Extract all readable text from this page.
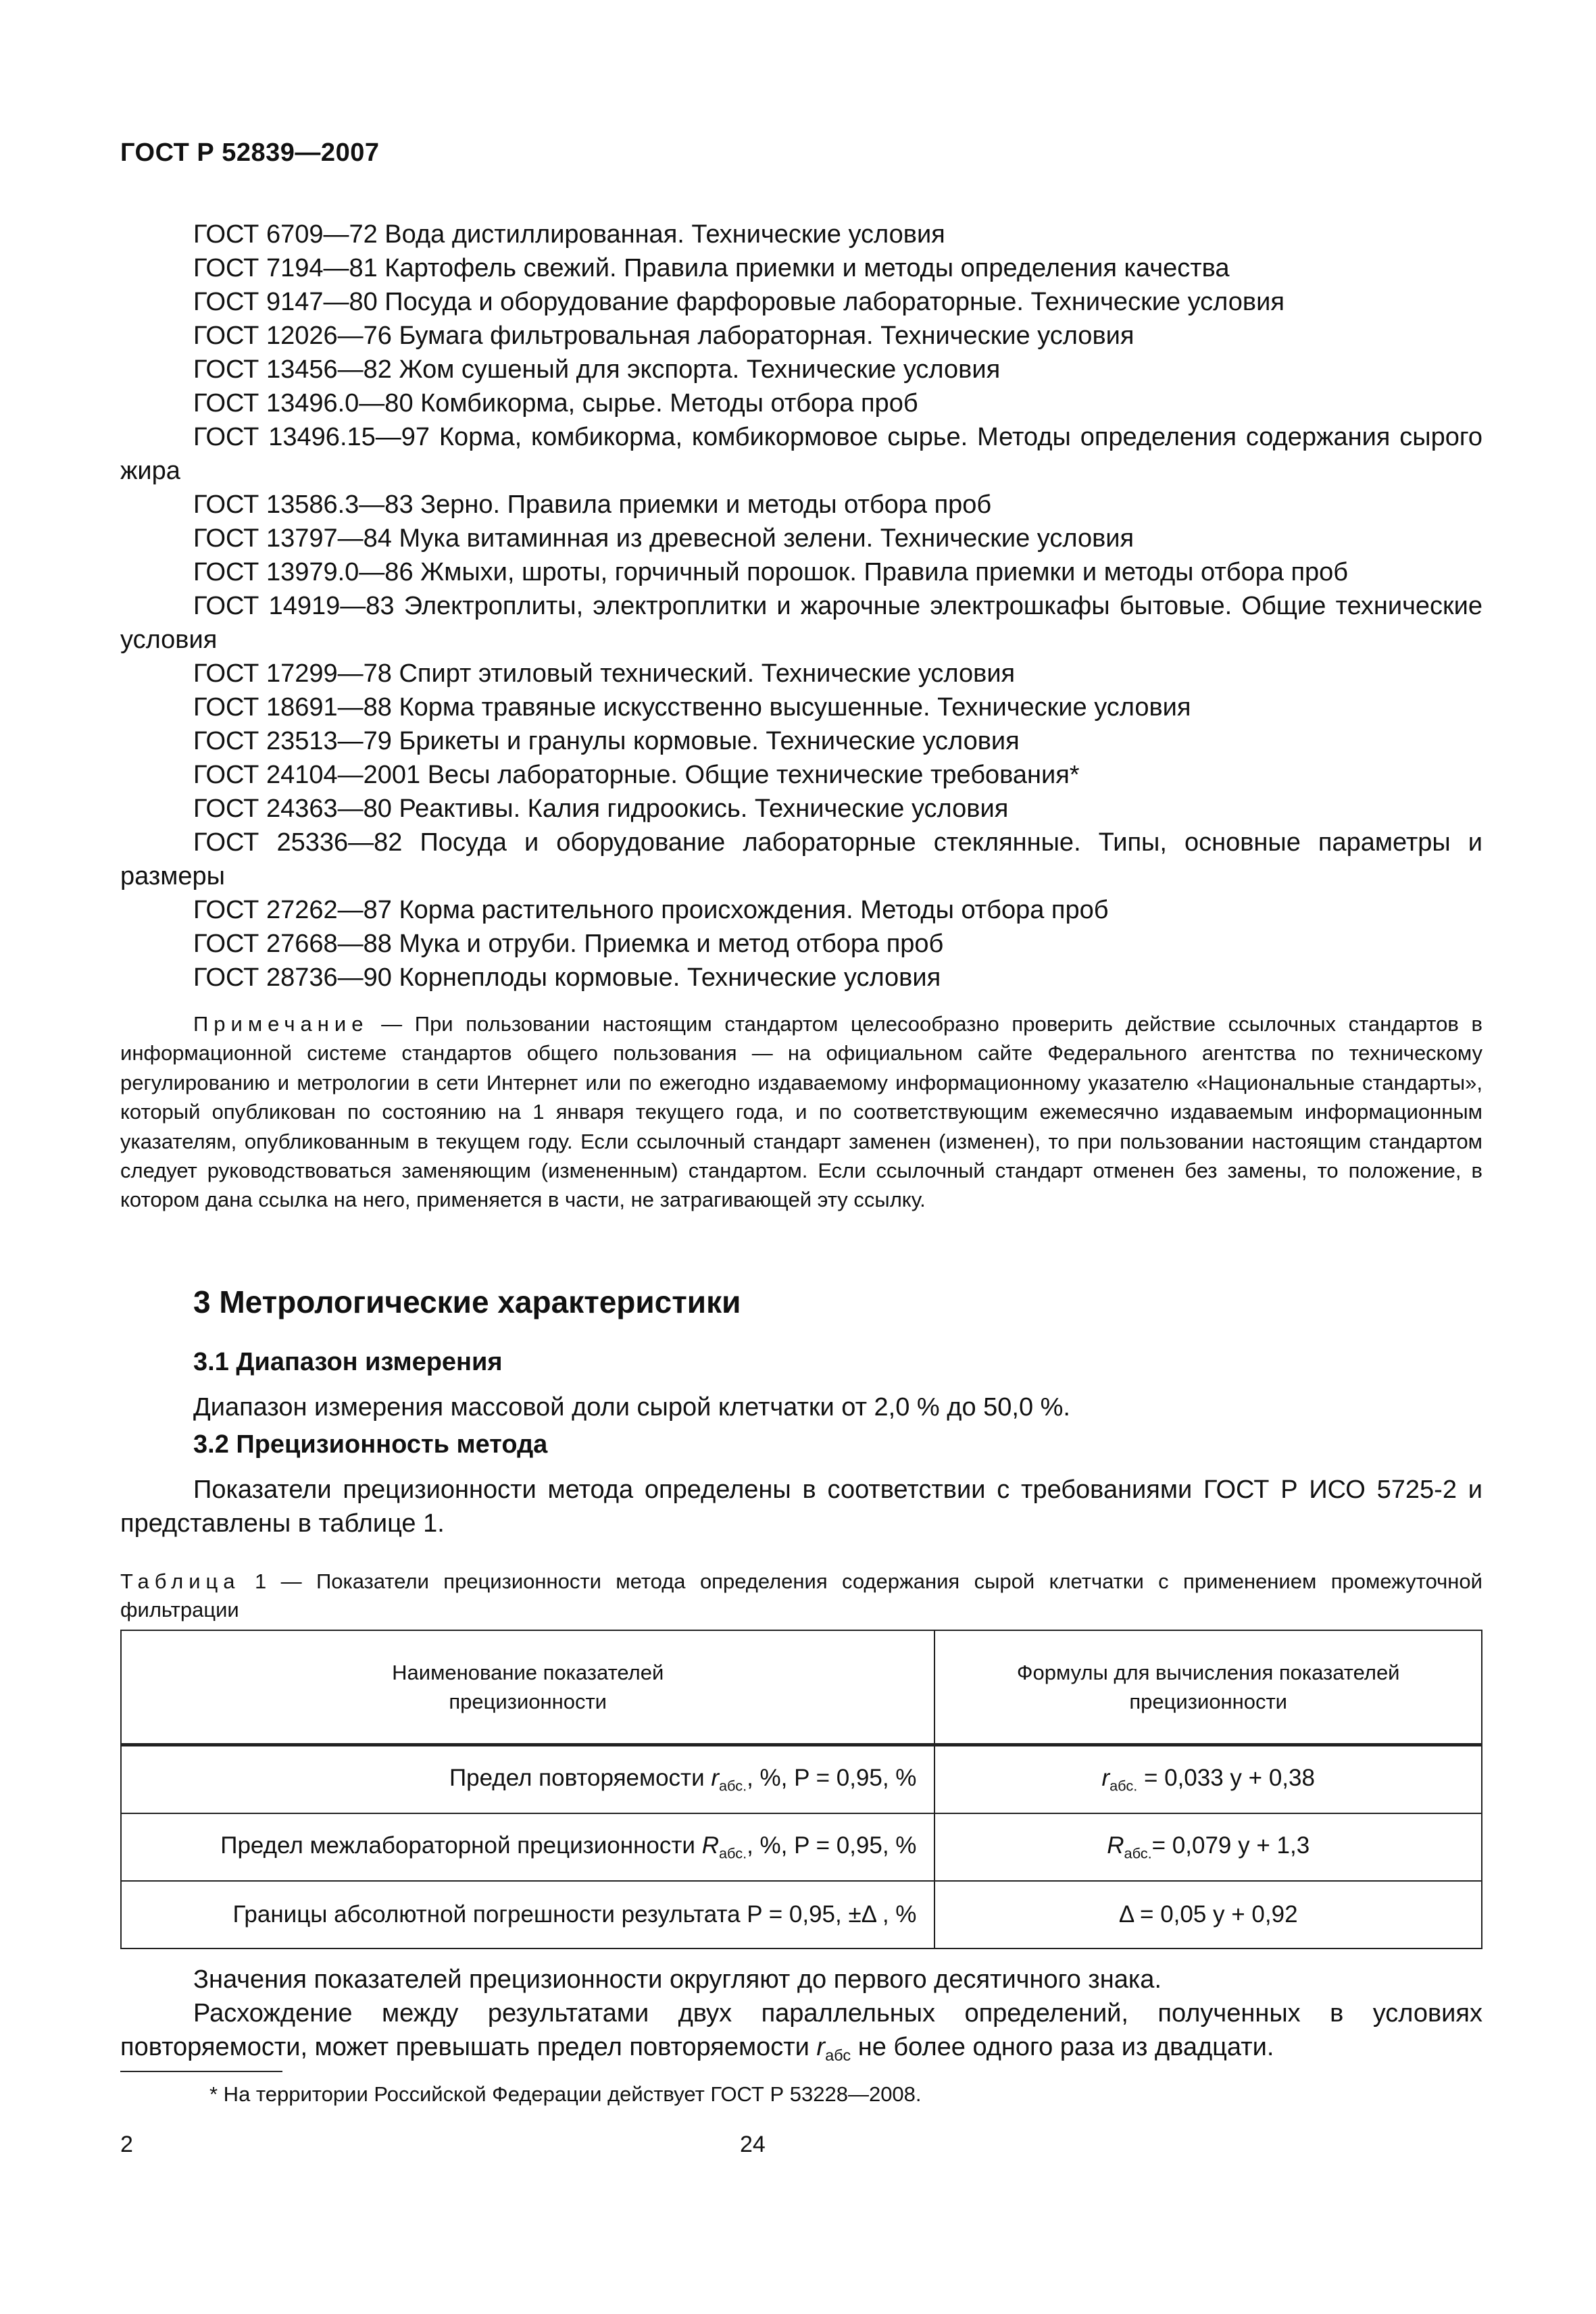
ГОСТ Р 52839—2007
ГОСТ 6709—72 Вода дистиллированная. Технические условия
ГОСТ 7194—81 Картофель свежий. Правила приемки и методы определения качества
ГОСТ 9147—80 Посуда и оборудование фарфоровые лабораторные. Технические условия
ГОСТ 12026—76 Бумага фильтровальная лабораторная. Технические условия
ГОСТ 13456—82 Жом сушеный для экспорта. Технические условия
ГОСТ 13496.0—80 Комбикорма, сырье. Методы отбора проб
ГОСТ 13496.15—97 Корма, комбикорма, комбикормовое сырье. Методы определения содержания сырого жира
ГОСТ 13586.3—83 Зерно. Правила приемки и методы отбора проб
ГОСТ 13797—84 Мука витаминная из древесной зелени. Технические условия
ГОСТ 13979.0—86 Жмыхи, шроты, горчичный порошок. Правила приемки и методы отбора проб
ГОСТ 14919—83 Электроплиты, электроплитки и жарочные электрошкафы бытовые. Общие технические условия
ГОСТ 17299—78 Спирт этиловый технический. Технические условия
ГОСТ 18691—88 Корма травяные искусственно высушенные. Технические условия
ГОСТ 23513—79 Брикеты и гранулы кормовые. Технические условия
ГОСТ 24104—2001 Весы лабораторные. Общие технические требования*
ГОСТ 24363—80 Реактивы. Калия гидроокись. Технические условия
ГОСТ 25336—82 Посуда и оборудование лабораторные стеклянные. Типы, основные параметры и размеры
ГОСТ 27262—87 Корма растительного происхождения. Методы отбора проб
ГОСТ 27668—88 Мука и отруби. Приемка и метод отбора проб
ГОСТ 28736—90 Корнеплоды кормовые. Технические условия
Примечание — При пользовании настоящим стандартом целесообразно проверить действие ссылочных стандартов в информационной системе стандартов общего пользования — на официальном сайте Федерального агентства по техническому регулированию и метрологии в сети Интернет или по ежегодно издаваемому информационному указателю «Национальные стандарты», который опубликован по состоянию на 1 января текущего года, и по соответствующим ежемесячно издаваемым информационным указателям, опубликованным в текущем году. Если ссылочный стандарт заменен (изменен), то при пользовании настоящим стандартом следует руководствоваться заменяющим (измененным) стандартом. Если ссылочный стандарт отменен без замены, то положение, в котором дана ссылка на него, применяется в части, не затрагивающей эту ссылку.
3 Метрологические характеристики
3.1 Диапазон измерения
Диапазон измерения массовой доли сырой клетчатки от 2,0 % до 50,0 %.
3.2 Прецизионность метода
Показатели прецизионности метода определены в соответствии с требованиями ГОСТ Р ИСО 5725-2 и представлены в таблице 1.
Таблица 1 — Показатели прецизионности метода определения содержания сырой клетчатки с применением промежуточной фильтрации
Наименование показателей прецизионности	Формулы для вычисления показателей прецизионности

Предел повторяемости $r_{абс.}$, %, P = 0,95, %	$r_{абс.} = 0,033$ y + 0,38
Предел межлабораторной прецизионности $R_{абс.}$, %, P = 0,95, %	$R_{абс.}= 0,079$ y + 1,3
Границы абсолютной погрешности результата P = 0,95, ±Δ , %	Δ = 0,05 y + 0,92
Значения показателей прецизионности округляют до первого десятичного знака.
Расхождение между результатами двух параллельных определений, полученных в условиях повторяемости, может превышать предел повторяемости $r_{абс}$ не более одного раза из двадцати.
* На территории Российской Федерации действует ГОСТ Р 53228—2008.
2	24
